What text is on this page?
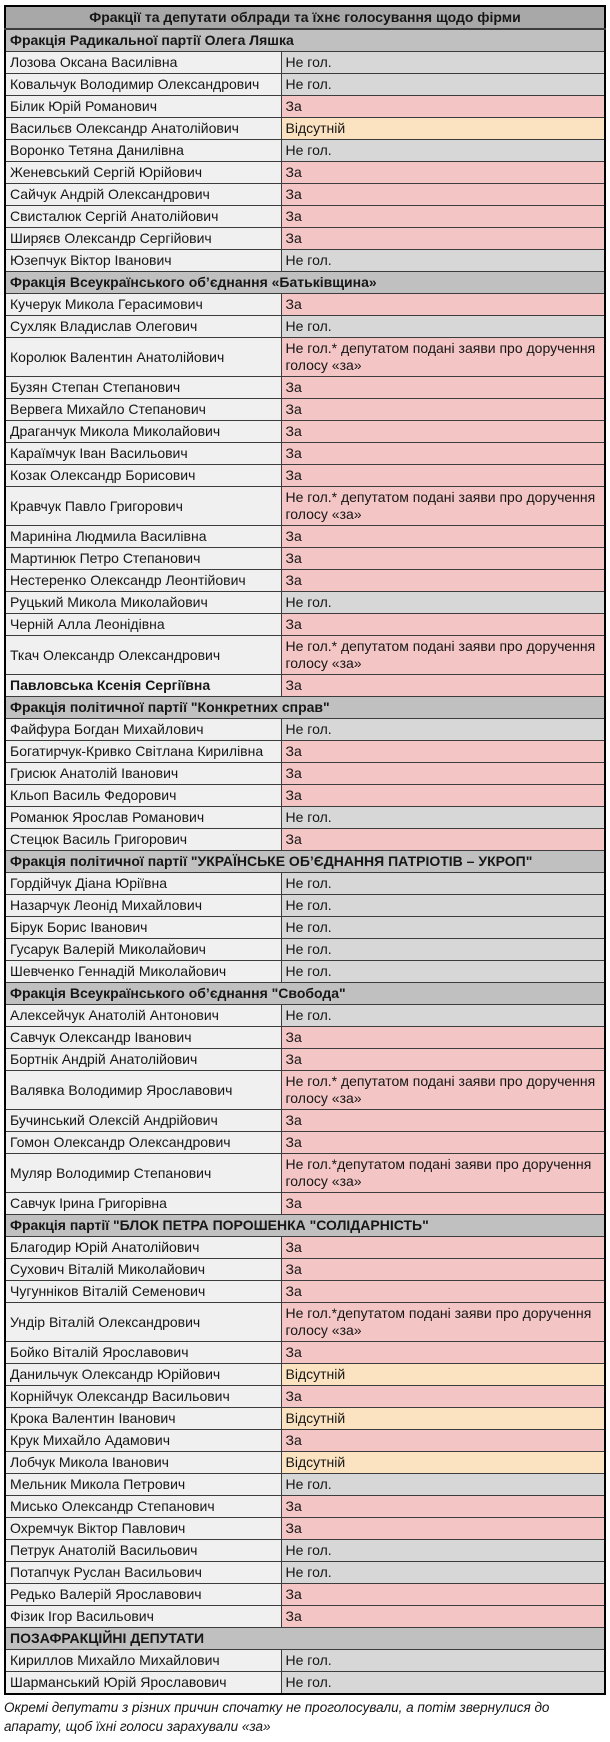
Фракції та депутати облради та їхнє голосування щодо фірми	
Фракція Радикальної партії Олега Ляшка	
Лозова Оксана Василівна	Не гол.
Ковальчук Володимир Олександрович	Не гол.
Білик Юрій Романович	За
Васильєв Олександр Анатолійович	Відсутній
Воронко Тетяна Данилівна	Не гол.
Женевський Сергій Юрійович	За
Сайчук Андрій Олександрович	За
Свисталюк Сергій Анатолійович	За
Ширяєв Олександр Сергійович	За
Юзепчук Віктор Іванович	Не гол.
Фракція Всеукраїнського об’єднання «Батьківщина»	
Кучерук Микола Герасимович	За
Сухляк Владислав Олегович	Не гол.
Королюк Валентин Анатолійович	Не гол.* депутатом подані заяви про доручення голосу «за»
Бузян Степан Степанович	За
Вервега Михайло Степанович	За
Драганчук Микола Миколайович	За
Караїмчук Іван Васильович	За
Козак Олександр Борисович	За
Кравчук Павло Григорович	Не гол.* депутатом подані заяви про доручення голосу «за»
Мариніна Людмила Василівна	За
Мартинюк Петро Степанович	За
Нестеренко Олександр Леонтійович	За
Руцький Микола Миколайович	Не гол.
Черній Алла Леонідівна	За
Ткач Олександр Олександрович	Не гол.* депутатом подані заяви про доручення голосу «за»
Павловська Ксенія Сергіївна	За
Фракція політичної партії "Конкретних справ"	
Файфура Богдан Михайлович	Не гол.
Богатирчук-Кривко Світлана Кирилівна	За
Грисюк Анатолій Іванович	За
Кльоп Василь Федорович	За
Романюк Ярослав Романович	Не гол.
Стецюк Василь Григорович	За
Фракція політичної партії "УКРАЇНСЬКЕ ОБ’ЄДНАННЯ ПАТРІОТІВ – УКРОП"	
Гордійчук Діана Юріївна	Не гол.
Назарчук Леонід Михайлович	Не гол.
Бірук Борис Іванович	Не гол.
Гусарук Валерій Миколайович	Не гол.
Шевченко Геннадій Миколайович	Не гол.
Фракція Всеукраїнського об’єднання "Свобода"	
Алексейчук Анатолій Антонович	Не гол.
Савчук Олександр Іванович	За
Бортнік Андрій Анатолійович	За
Валявка Володимир Ярославович	Не гол.* депутатом подані заяви про доручення голосу «за»
Бучинський Олексій Андрійович	За
Гомон Олександр Олександрович	За
Муляр Володимир Степанович	Не гол.*депутатом подані заяви про доручення голосу «за»
Савчук Ірина Григорівна	За
Фракція партії "БЛОК ПЕТРА ПОРОШЕНКА "СОЛІДАРНІСТЬ"	
Благодир Юрій Анатолійович	За
Сухович Віталій Миколайович	За
Чугунніков Віталій Семенович	За
Ундір Віталій Олександрович	Не гол.*депутатом подані заяви про доручення голосу «за»
Бойко Віталій Ярославович	За
Данильчук Олександр Юрійович	Відсутній
Корнійчук Олександр Васильович	За
Крока Валентин Іванович	Відсутній
Крук Михайло Адамович	За
Лобчук Микола Іванович	Відсутній
Мельник Микола Петрович	Не гол.
Мисько Олександр Степанович	За
Охремчук Віктор Павлович	За
Петрук Анатолій Васильович	Не гол.
Потапчук Руслан Васильович	Не гол.
Редько Валерій Ярославович	За
Фізик Ігор Васильович	За
ПОЗАФРАКЦІЙНІ ДЕПУТАТИ	
Кириллов Михайло Михайлович	Не гол.
Шарманський Юрій Ярославович	Не гол.
Окремі депутати з різних причин спочатку не проголосували, а потім звернулися до апарату, щоб їхні голоси зарахували «за»
